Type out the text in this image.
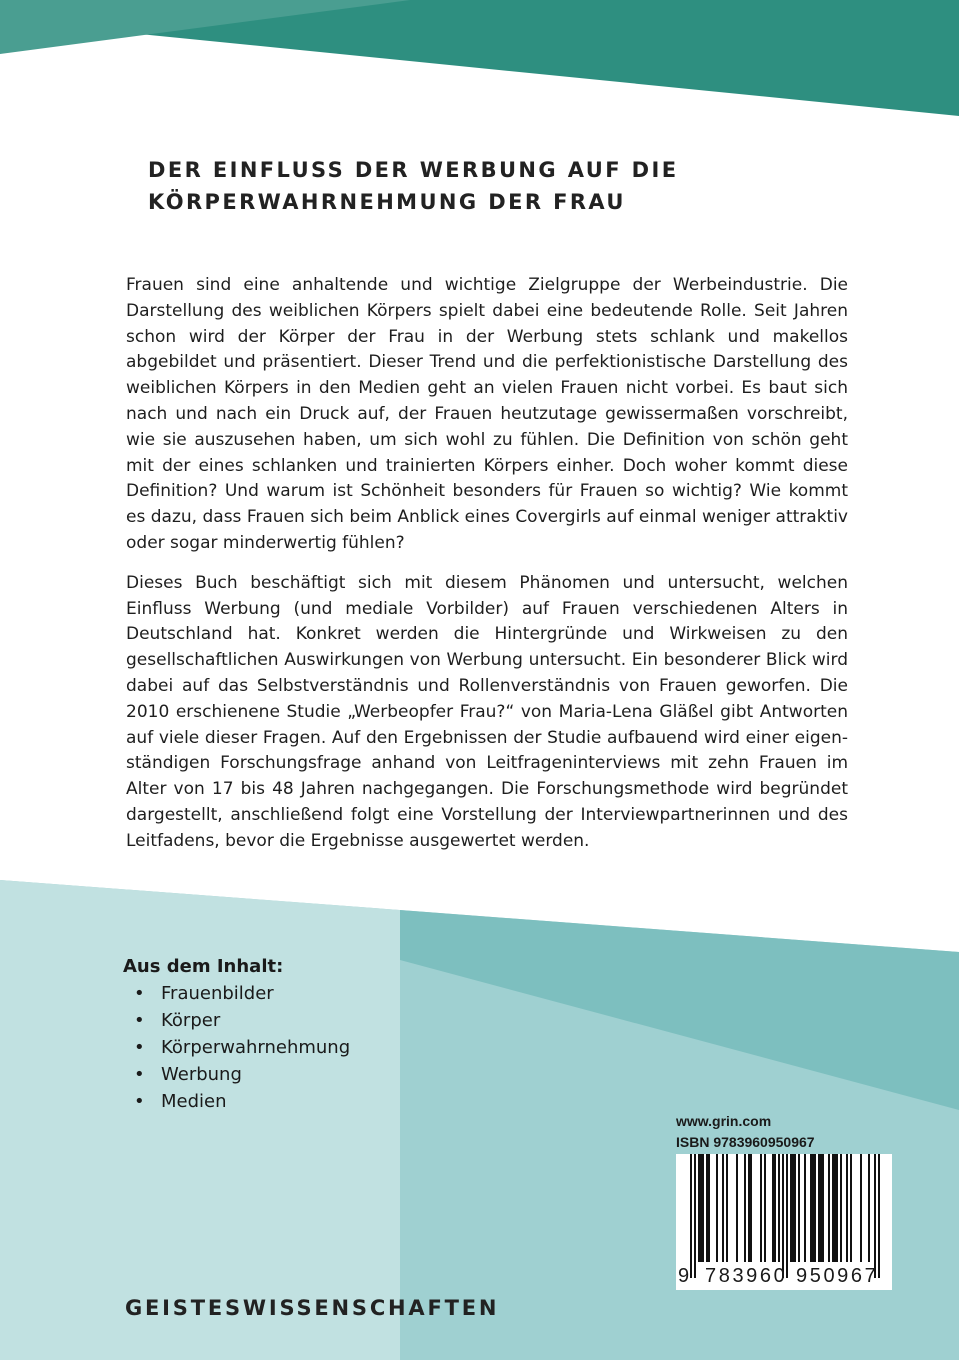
DER EINFLUSS DER WERBUNG AUF DIE
KÖRPERWAHRNEHMUNG DER FRAU

Frauen sind eine anhaltende und wichtige Zielgruppe der Werbeindustrie. Die Darstellung des weiblichen Körpers spielt dabei eine bedeutende Rolle. Seit Jahren schon wird der Körper der Frau in der Werbung stets schlank und makellos abgebildet und präsentiert. Dieser Trend und die perfektionistische Darstellung des weiblichen Körpers in den Medien geht an vielen Frauen nicht vorbei. Es baut sich nach und nach ein Druck auf, der Frauen heutzutage gewissermaßen vorschreibt, wie sie auszusehen haben, um sich wohl zu fühlen. Die Definition von schön geht mit der eines schlanken und trainierten Körpers einher. Doch woher kommt diese Definition? Und warum ist Schönheit besonders für Frauen so wichtig? Wie kommt es dazu, dass Frauen sich beim Anblick eines Covergirls auf einmal weniger attraktiv oder sogar minderwertig fühlen?

Dieses Buch beschäftigt sich mit diesem Phänomen und untersucht, welchen Einfluss Werbung (und mediale Vorbilder) auf Frauen verschiedenen Alters in Deutschland hat. Konkret werden die Hintergründe und Wirkweisen zu den gesellschaftlichen Auswirkungen von Werbung untersucht. Ein besonderer Blick wird dabei auf das Selbstverständnis und Rollenverständnis von Frauen geworfen. Die 2010 erschienene Studie „Werbeopfer Frau?“ von Maria-Lena Gläßel gibt Antworten auf viele dieser Fragen. Auf den Ergebnissen der Studie aufbauend wird einer eigenständigen Forschungsfrage anhand von Leitfrageninterviews mit zehn Frauen im Alter von 17 bis 48 Jahren nachgegangen. Die Forschungsmethode wird begründet dargestellt, anschließend folgt eine Vorstellung der Interviewpartnerinnen und des Leitfadens, bevor die Ergebnisse ausgewertet werden.

Aus dem Inhalt:
• Frauenbilder
• Körper
• Körperwahrnehmung
• Werbung
• Medien
www.grin.com
ISBN 9783960950967
9 783960 950967
GEISTESWISSENSCHAFTEN
